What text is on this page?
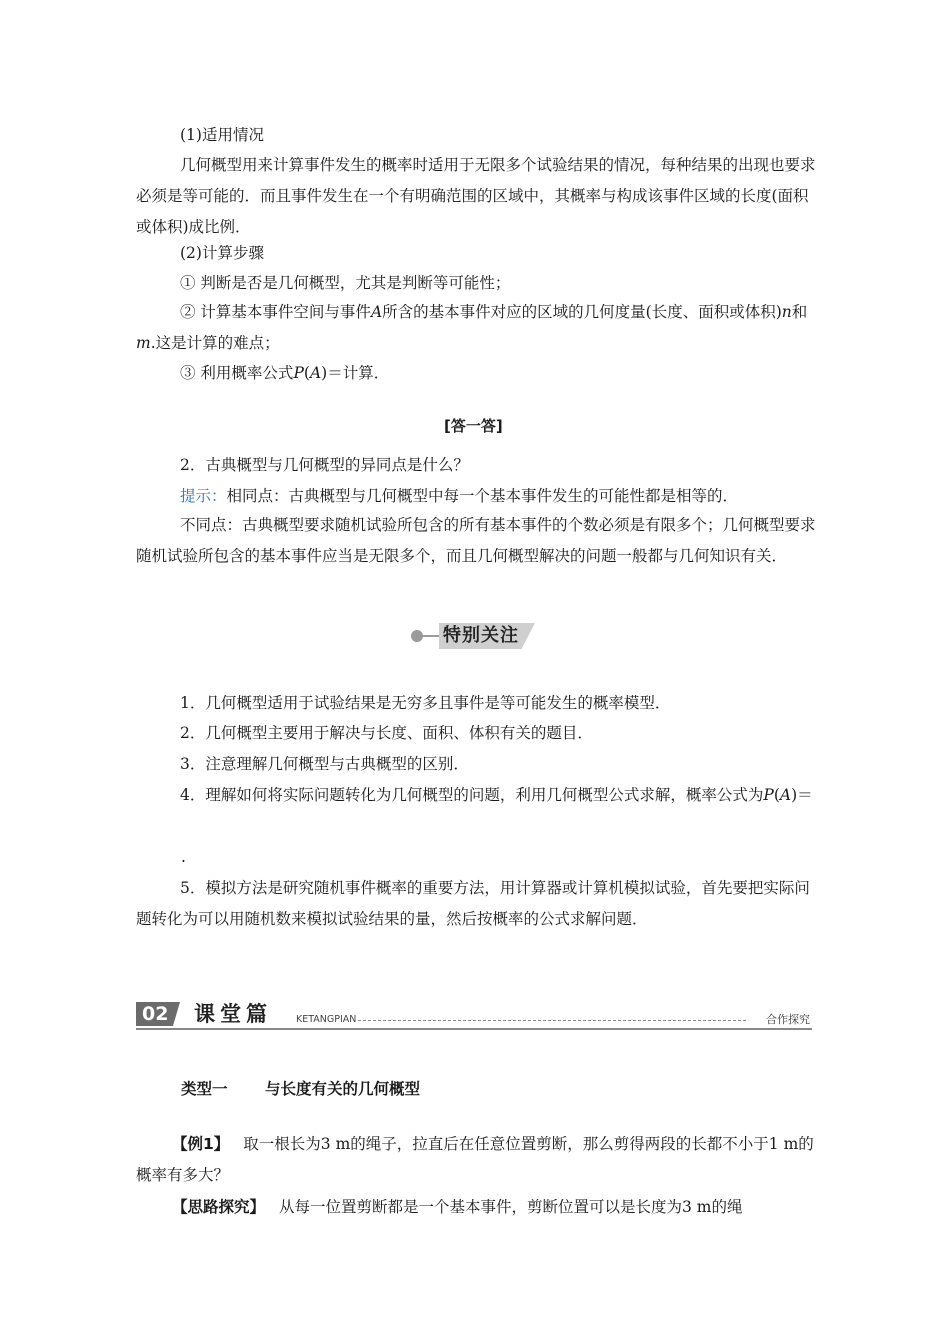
(1)适用情况

几何概型用来计算事件发生的概率时适用于无限多个试验结果的情况，每种结果的出现也要求必须是等可能的．而且事件发生在一个有明确范围的区域中，其概率与构成该事件区域的长度(面积或体积)成比例．

(2)计算步骤

① 判断是否是几何概型，尤其是判断等可能性；

② 计算基本事件空间与事件A所含的基本事件对应的区域的几何度量(长度、面积或体积)n和m.这是计算的难点；

③ 利用概率公式P(A)＝计算．

[答一答]

2．古典概型与几何概型的异同点是什么？

提示：相同点：古典概型与几何概型中每一个基本事件发生的可能性都是相等的．

不同点：古典概型要求随机试验所包含的所有基本事件的个数必须是有限多个；几何概型要求随机试验所包含的基本事件应当是无限多个，而且几何概型解决的问题一般都与几何知识有关．

特别关注

1．几何概型适用于试验结果是无穷多且事件是等可能发生的概率模型．

2．几何概型主要用于解决与长度、面积、体积有关的题目．

3．注意理解几何概型与古典概型的区别．

4．理解如何将实际问题转化为几何概型的问题，利用几何概型公式求解，概率公式为P(A)＝

.

5．模拟方法是研究随机事件概率的重要方法，用计算器或计算机模拟试验，首先要把实际问题转化为可以用随机数来模拟试验结果的量，然后按概率的公式求解问题．

02 课堂篇	KETANGPIAN	合作探究
类型一 与长度有关的几何概型

【例1】 取一根长为3 m的绳子，拉直后在任意位置剪断，那么剪得两段的长都不小于1 m的概率有多大？

【思路探究】 从每一位置剪断都是一个基本事件，剪断位置可以是长度为3 m的绳
